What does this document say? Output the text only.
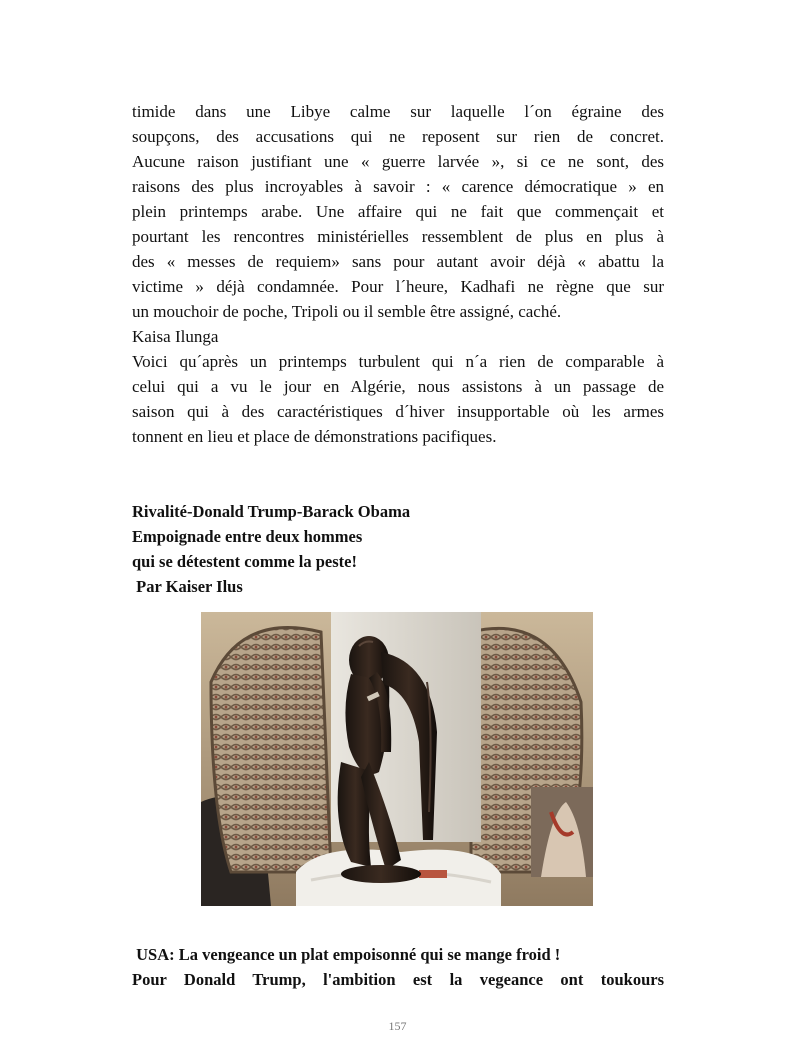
timide dans une Libye calme sur laquelle l´on égraine des
soupçons, des accusations qui ne reposent sur rien de concret.
Aucune raison justifiant une « guerre larvée », si ce ne sont, des
raisons des plus incroyables à savoir : « carence démocratique » en
plein printemps arabe. Une affaire qui ne fait que commençait et
pourtant les rencontres ministérielles ressemblent de plus en plus à
des « messes de requiem» sans pour autant avoir déjà « abattu la
victime » déjà condamnée. Pour l´heure, Kadhafi ne règne que sur
un mouchoir de poche, Tripoli ou il semble être assigné, caché.
Kaisa Ilunga
Voici qu´après un printemps turbulent qui n´a rien de comparable à
celui qui a vu le jour en Algérie, nous assistons à un passage de
saison qui à des caractéristiques d´hiver insupportable où les armes
tonnent en lieu et place de démonstrations pacifiques.
Rivalité-Donald Trump-Barack Obama
Empoignade entre deux hommes
qui se détestent comme la peste!
Par Kaiser Ilus
USA: La vengeance un plat empoisonné qui se mange froid !
Pour Donald Trump, l'ambition est la vegeance ont toukours
157
